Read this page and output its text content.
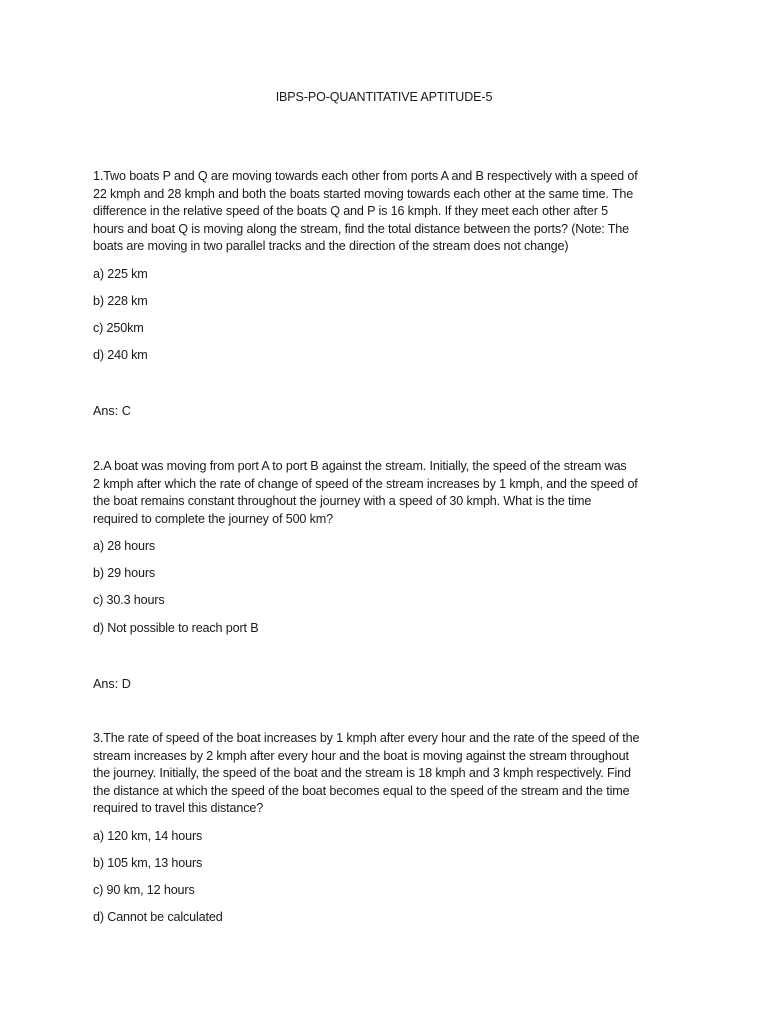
IBPS-PO-QUANTITATIVE APTITUDE-5

1.Two boats P and Q are moving towards each other from ports A and B respectively with a speed of
22 kmph and 28 kmph and both the boats started moving towards each other at the same time. The
difference in the relative speed of the boats Q and P is 16 kmph. If they meet each other after 5
hours and boat Q is moving along the stream, find the total distance between the ports? (Note: The
boats are moving in two parallel tracks and the direction of the stream does not change)

a) 225 km
b) 228 km
c) 250km
d) 240 km
Ans: C

2.A boat was moving from port A to port B against the stream. Initially, the speed of the stream was
2 kmph after which the rate of change of speed of the stream increases by 1 kmph, and the speed of
the boat remains constant throughout the journey with a speed of 30 kmph. What is the time
required to complete the journey of 500 km?

a) 28 hours
b) 29 hours
c) 30.3 hours
d) Not possible to reach port B
Ans: D

3.The rate of speed of the boat increases by 1 kmph after every hour and the rate of the speed of the
stream increases by 2 kmph after every hour and the boat is moving against the stream throughout
the journey. Initially, the speed of the boat and the stream is 18 kmph and 3 kmph respectively. Find
the distance at which the speed of the boat becomes equal to the speed of the stream and the time
required to travel this distance?

a) 120 km, 14 hours
b) 105 km, 13 hours
c) 90 km, 12 hours
d) Cannot be calculated
